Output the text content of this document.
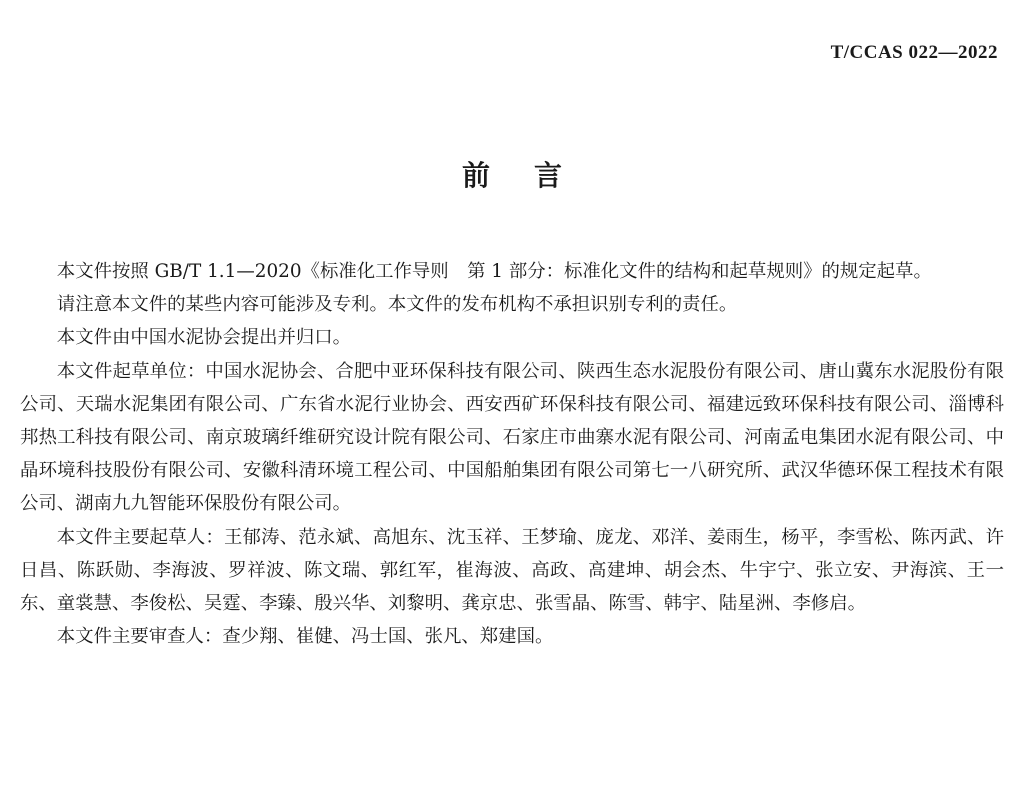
T/CCAS 022—2022
前言

本文件按照 GB/T 1.1—2020《标准化工作导则　第 1 部分：标准化文件的结构和起草规则》的规定起草。

请注意本文件的某些内容可能涉及专利。本文件的发布机构不承担识别专利的责任。

本文件由中国水泥协会提出并归口。

本文件起草单位：中国水泥协会、合肥中亚环保科技有限公司、陕西生态水泥股份有限公司、唐山冀东水泥股份有限公司、天瑞水泥集团有限公司、广东省水泥行业协会、西安西矿环保科技有限公司、福建远致环保科技有限公司、淄博科邦热工科技有限公司、南京玻璃纤维研究设计院有限公司、石家庄市曲寨水泥有限公司、河南孟电集团水泥有限公司、中晶环境科技股份有限公司、安徽科清环境工程公司、中国船舶集团有限公司第七一八研究所、武汉华德环保工程技术有限公司、湖南九九智能环保股份有限公司。

本文件主要起草人：王郁涛、范永斌、高旭东、沈玉祥、王梦瑜、庞龙、邓洋、姜雨生，杨平，李雪松、陈丙武、许日昌、陈跃勋、李海波、罗祥波、陈文瑞、郭红军，崔海波、高政、高建坤、胡会杰、牛宇宁、张立安、尹海滨、王一东、童裳慧、李俊松、吴霆、李臻、殷兴华、刘黎明、龚京忠、张雪晶、陈雪、韩宇、陆星洲、李修启。

本文件主要审查人：查少翔、崔健、冯士国、张凡、郑建国。
